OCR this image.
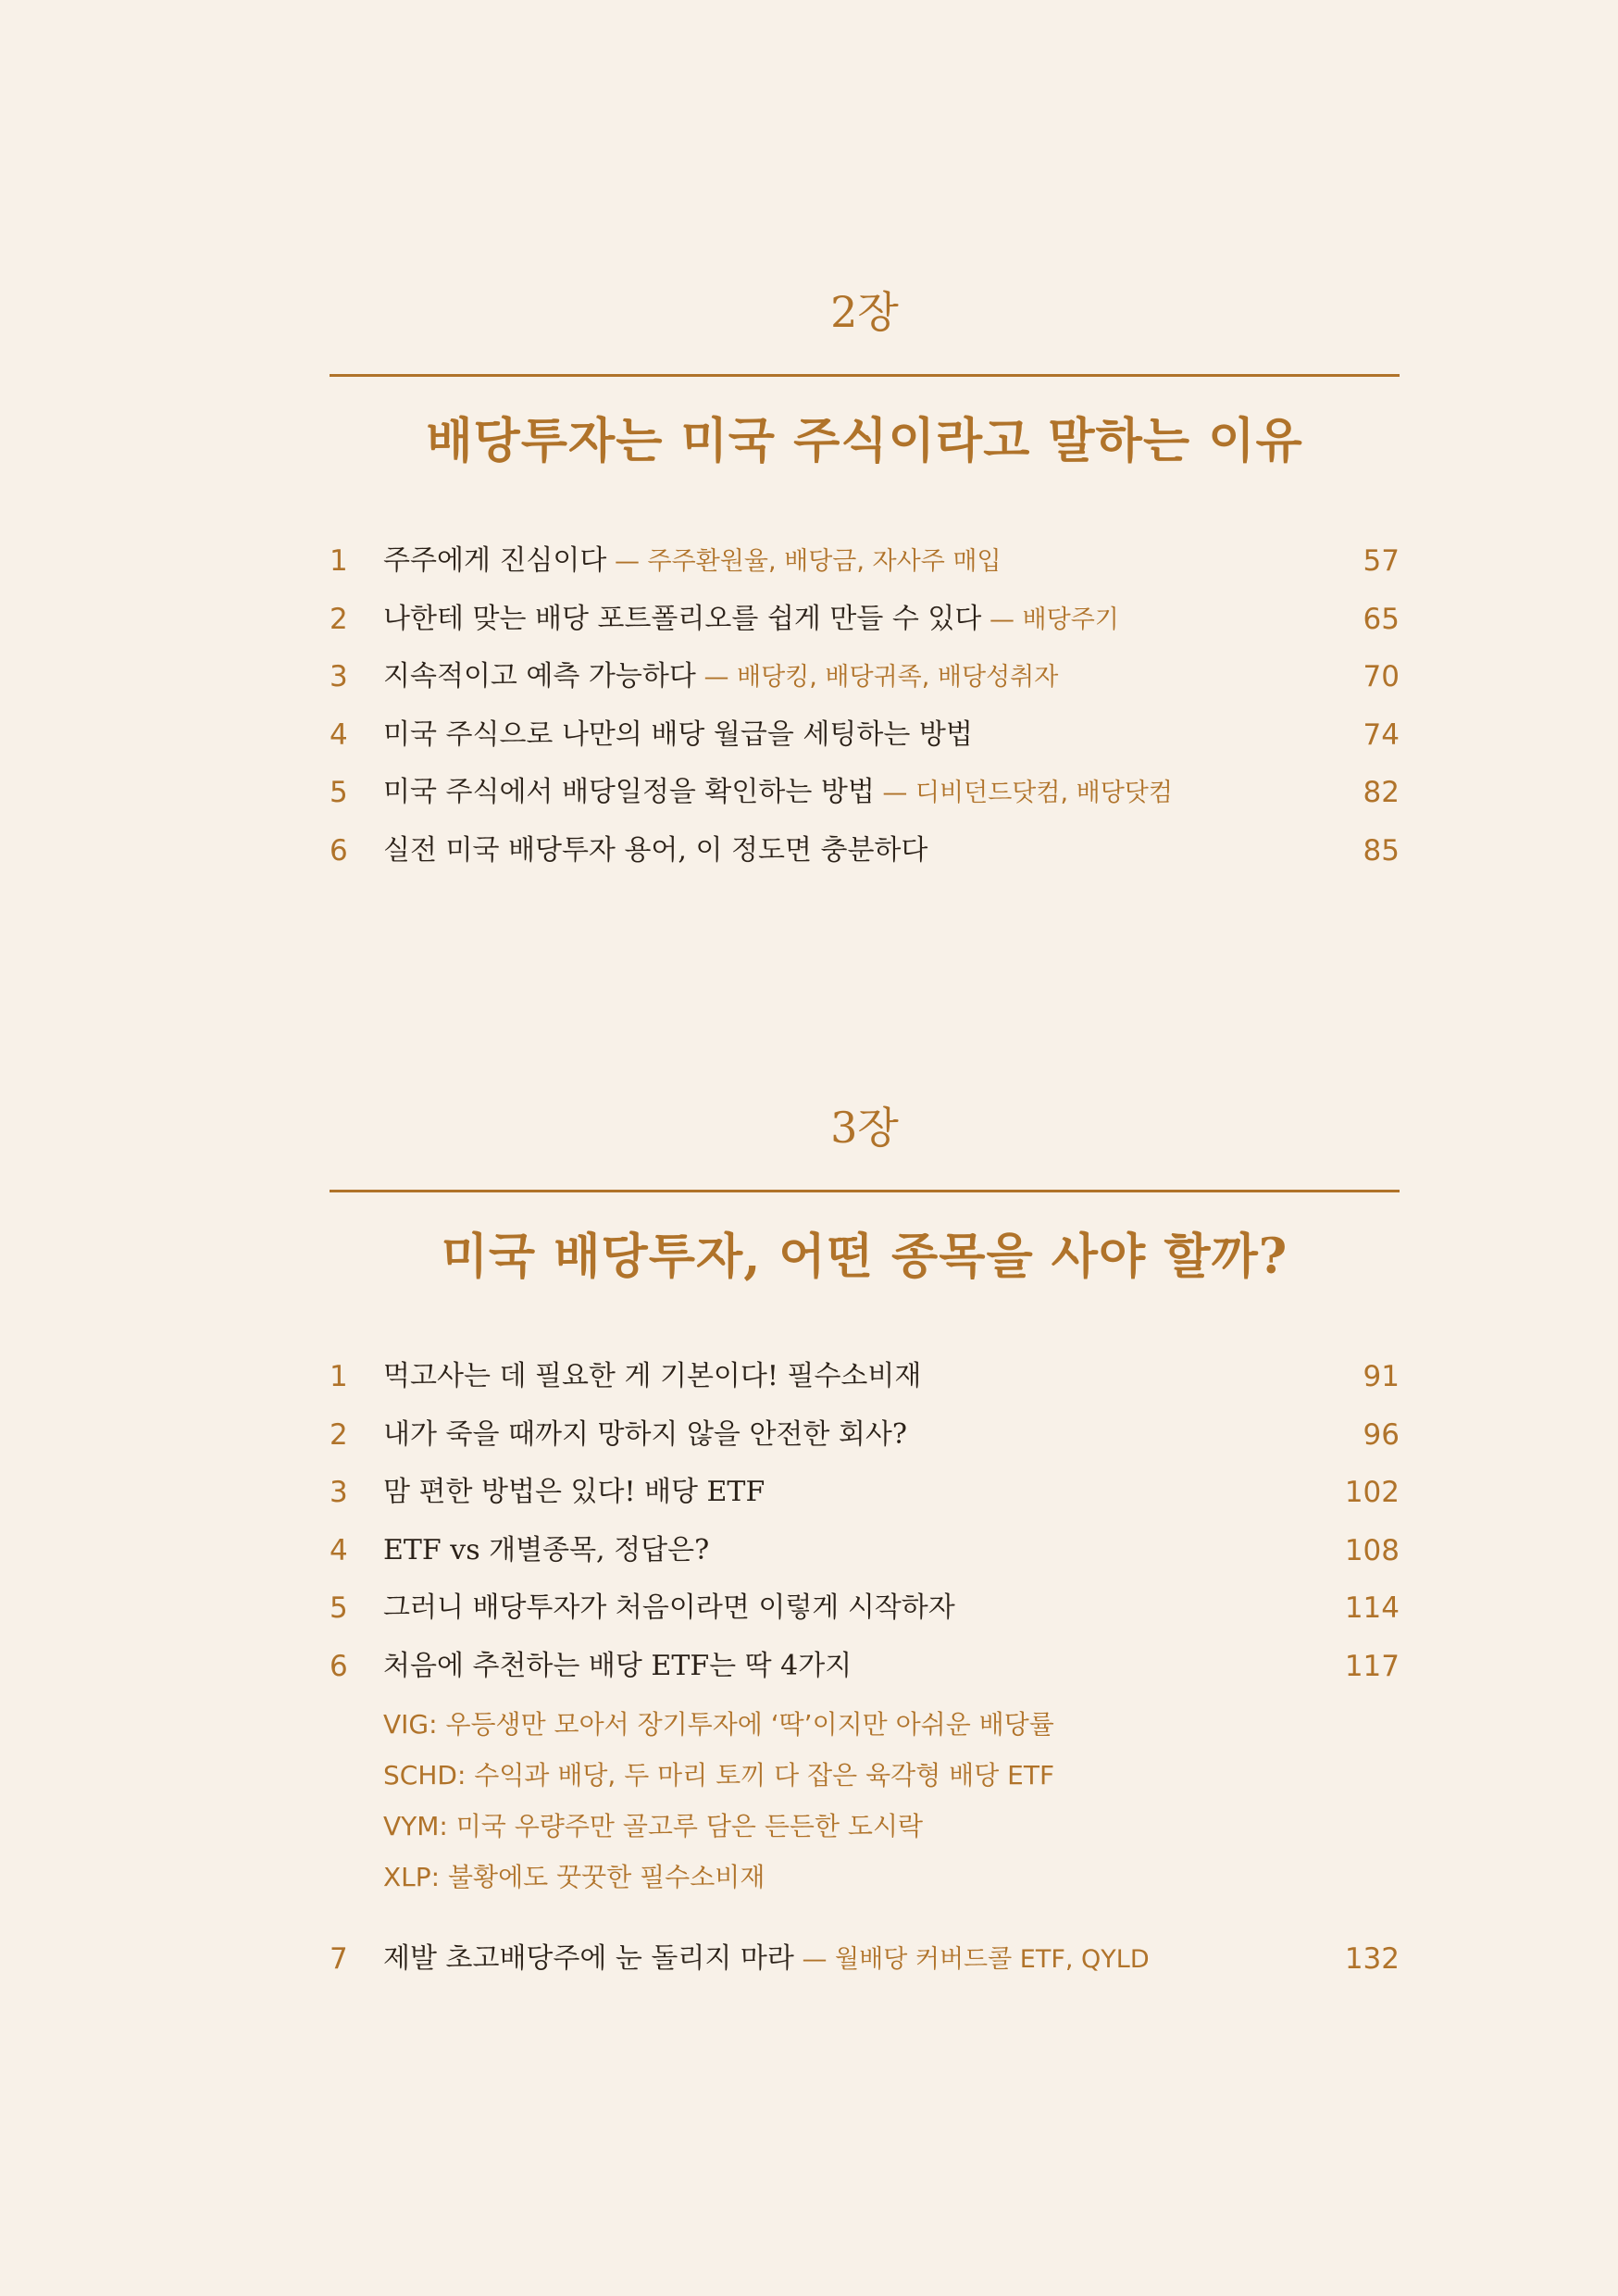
2장
배당투자는 미국 주식이라고 말하는 이유
1 주주에게 진심이다 — 주주환원율, 배당금, 자사주 매입	57
2 나한테 맞는 배당 포트폴리오를 쉽게 만들 수 있다 — 배당주기	65
3 지속적이고 예측 가능하다 — 배당킹, 배당귀족, 배당성취자	70
4 미국 주식으로 나만의 배당 월급을 세팅하는 방법	74
5 미국 주식에서 배당일정을 확인하는 방법 — 디비던드닷컴, 배당닷컴	82
6 실전 미국 배당투자 용어, 이 정도면 충분하다	85
3장
미국 배당투자, 어떤 종목을 사야 할까?
1 먹고사는 데 필요한 게 기본이다! 필수소비재	91
2 내가 죽을 때까지 망하지 않을 안전한 회사?	96
3 맘 편한 방법은 있다! 배당 ETF	102
4 ETF vs 개별종목, 정답은?	108
5 그러니 배당투자가 처음이라면 이렇게 시작하자	114
6 처음에 추천하는 배당 ETF는 딱 4가지	117
VIG: 우등생만 모아서 장기투자에 ‘딱’이지만 아쉬운 배당률
SCHD: 수익과 배당, 두 마리 토끼 다 잡은 육각형 배당 ETF
VYM: 미국 우량주만 골고루 담은 든든한 도시락
XLP: 불황에도 꿋꿋한 필수소비재
7 제발 초고배당주에 눈 돌리지 마라 — 월배당 커버드콜 ETF, QYLD	132
